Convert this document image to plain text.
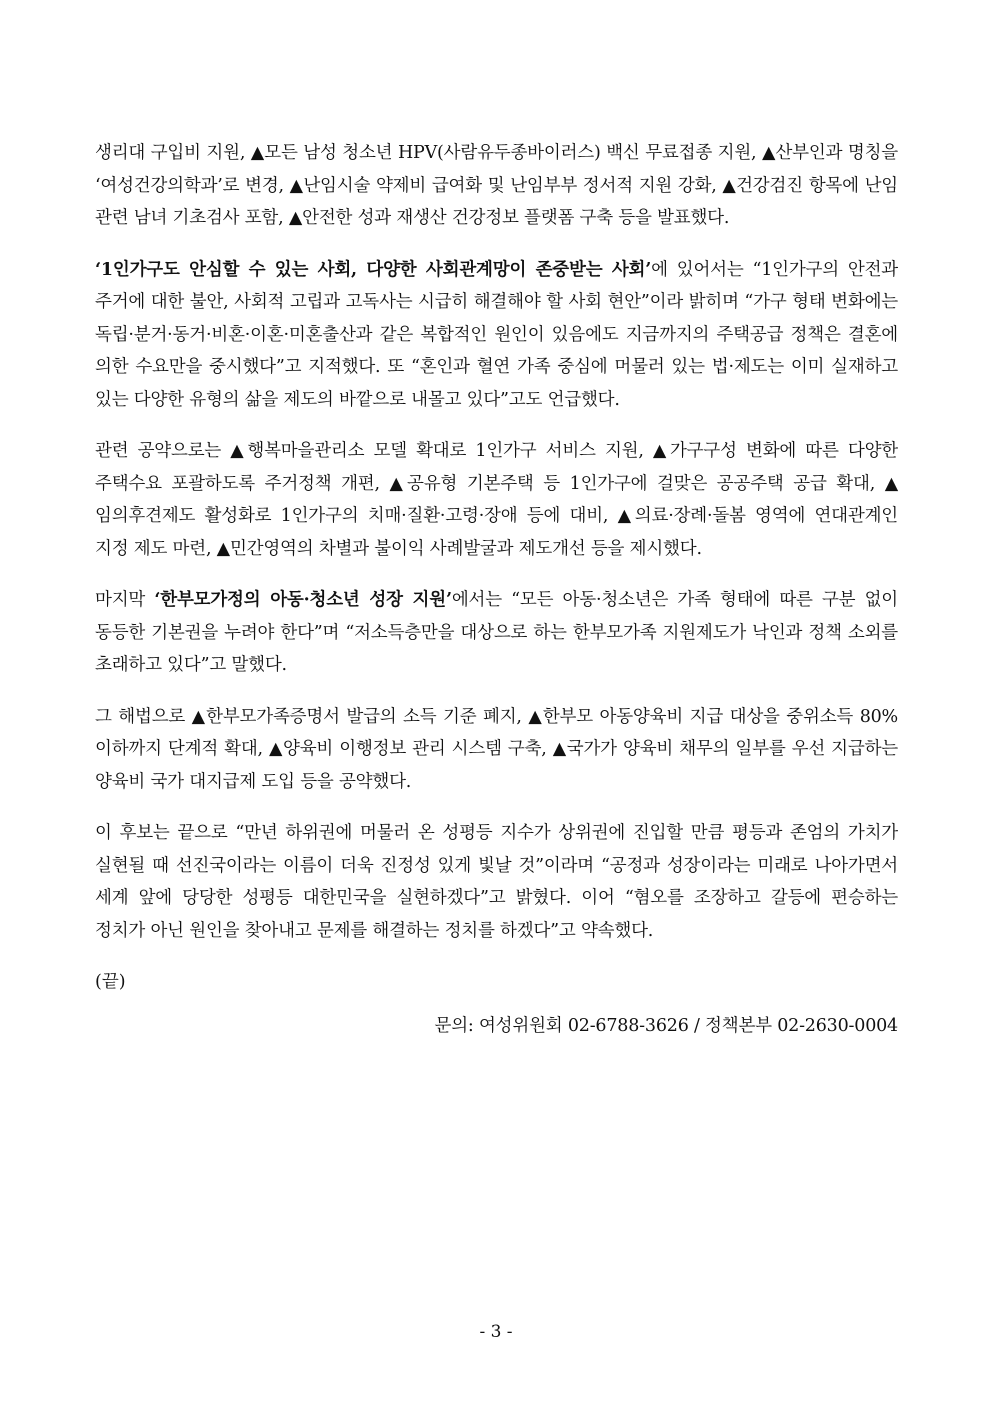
생리대 구입비 지원, ▲모든 남성 청소년 HPV(사람유두종바이러스) 백신 무료접종 지원, ▲산부인과 명칭을 ‘여성건강의학과’로 변경, ▲난임시술 약제비 급여화 및 난임부부 정서적 지원 강화, ▲건강검진 항목에 난임 관련 남녀 기초검사 포함, ▲안전한 성과 재생산 건강정보 플랫폼 구축 등을 발표했다.

‘1인가구도 안심할 수 있는 사회, 다양한 사회관계망이 존중받는 사회’에 있어서는 “1인가구의 안전과 주거에 대한 불안, 사회적 고립과 고독사는 시급히 해결해야 할 사회 현안”이라 밝히며 “가구 형태 변화에는 독립·분거·동거·비혼·이혼·미혼출산과 같은 복합적인 원인이 있음에도 지금까지의 주택공급 정책은 결혼에 의한 수요만을 중시했다”고 지적했다. 또 “혼인과 혈연 가족 중심에 머물러 있는 법·제도는 이미 실재하고 있는 다양한 유형의 삶을 제도의 바깥으로 내몰고 있다”고도 언급했다.

관련 공약으로는 ▲행복마을관리소 모델 확대로 1인가구 서비스 지원, ▲가구구성 변화에 따른 다양한 주택수요 포괄하도록 주거정책 개편, ▲공유형 기본주택 등 1인가구에 걸맞은 공공주택 공급 확대, ▲임의후견제도 활성화로 1인가구의 치매·질환·고령·장애 등에 대비, ▲의료·장례·돌봄 영역에 연대관계인 지정 제도 마련, ▲민간영역의 차별과 불이익 사례발굴과 제도개선 등을 제시했다.

마지막 ‘한부모가정의 아동·청소년 성장 지원’에서는 “모든 아동·청소년은 가족 형태에 따른 구분 없이 동등한 기본권을 누려야 한다”며 “저소득층만을 대상으로 하는 한부모가족 지원제도가 낙인과 정책 소외를 초래하고 있다”고 말했다.

그 해법으로 ▲한부모가족증명서 발급의 소득 기준 폐지, ▲한부모 아동양육비 지급 대상을 중위소득 80% 이하까지 단계적 확대, ▲양육비 이행정보 관리 시스템 구축, ▲국가가 양육비 채무의 일부를 우선 지급하는 양육비 국가 대지급제 도입 등을 공약했다.

이 후보는 끝으로 “만년 하위권에 머물러 온 성평등 지수가 상위권에 진입할 만큼 평등과 존엄의 가치가 실현될 때 선진국이라는 이름이 더욱 진정성 있게 빛날 것”이라며 “공정과 성장이라는 미래로 나아가면서 세계 앞에 당당한 성평등 대한민국을 실현하겠다”고 밝혔다. 이어 “혐오를 조장하고 갈등에 편승하는 정치가 아닌 원인을 찾아내고 문제를 해결하는 정치를 하겠다”고 약속했다.

(끝)
문의: 여성위원회 02-6788-3626 / 정책본부 02-2630-0004
- 3 -
